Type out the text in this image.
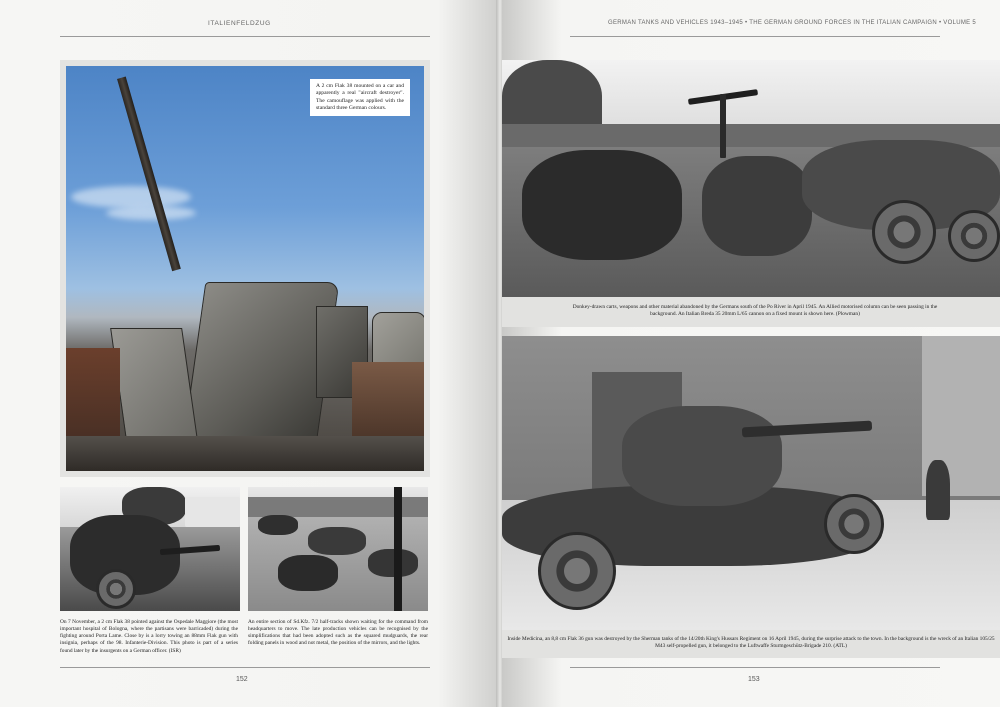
ITALIENFELDZUG
A 2 cm Flak 38 mounted on a car and apparently a real "aircraft destroyer". The camouflage was applied with the standard three German colours.
On 7 November, a 2 cm Flak 38 pointed against the Ospedale Maggiore (the most important hospital of Bologna, where the partisans were barricaded) during the fighting around Porta Lame. Close by is a lorry towing an 88mm Flak gun with insignia, perhaps of the 98. Infanterie-Division. This photo is part of a series found later by the insurgents on a German officer. (ISR)
An entire section of Sd.Kfz. 7/2 half-tracks shown waiting for the command from headquarters to move. The late production vehicles can be recognised by the simplifications that had been adopted such as the squared mudguards, the rear folding panels in wood and not metal, the position of the mirrors, and the lights.
152
GERMAN TANKS AND VEHICLES 1943–1945 • THE GERMAN GROUND FORCES IN THE ITALIAN CAMPAIGN • VOLUME 5
Donkey-drawn carts, weapons and other material abandoned by the Germans south of the Po River in April 1945. An Allied motorised column can be seen passing in the background. An Italian Breda 35 20mm L/65 cannon on a fixed mount is shown here. (Plowman)
Inside Medicina, an 8,8 cm Flak 36 gun was destroyed by the Sherman tanks of the 14/20th King's Hussars Regiment on 16 April 1945, during the surprise attack to the town. In the background is the wreck of an Italian 105/25 M43 self-propelled gun, it belonged to the Luftwaffe Sturmgeschütz-Brigade 210. (ATL)
153
